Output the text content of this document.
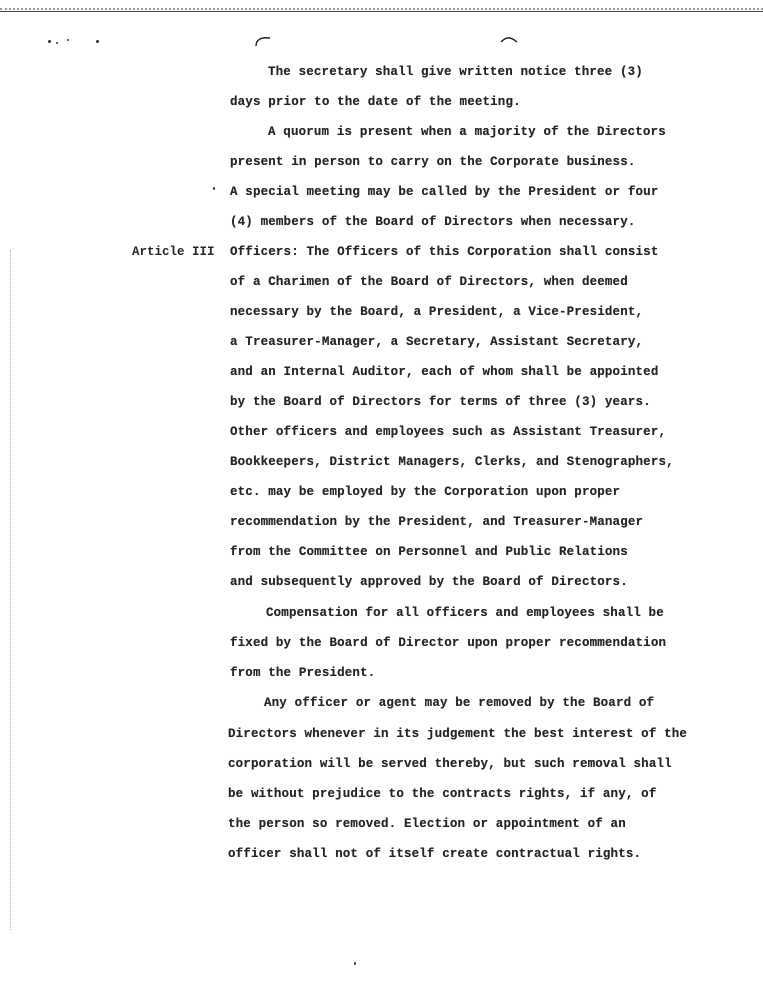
Article III
The secretary shall give written notice three (3)
days prior to the date of the meeting.
A quorum is present when a majority of the Directors
present in person to carry on the Corporate business.
A special meeting may be called by the President or four
(4) members of the Board of Directors when necessary.
Officers: The Officers of this Corporation shall consist
of a Charimen of the Board of Directors, when deemed
necessary by the Board, a President, a Vice-President,
a Treasurer-Manager, a Secretary, Assistant Secretary,
and an Internal Auditor, each of whom shall be appointed
by the Board of Directors for terms of three (3) years.
Other officers and employees such as Assistant Treasurer,
Bookkeepers, District Managers, Clerks, and Stenographers,
etc. may be employed by the Corporation upon proper
recommendation by the President, and Treasurer-Manager
from the Committee on Personnel and Public Relations
and subsequently approved by the Board of Directors.
Compensation for all officers and employees shall be
fixed by the Board of Director upon proper recommendation
from the President.
Any officer or agent may be removed by the Board of
Directors whenever in its judgement the best interest of the
corporation will be served thereby, but such removal shall
be without prejudice to the contracts rights, if any, of
the person so removed. Election or appointment of an
officer shall not of itself create contractual rights.
